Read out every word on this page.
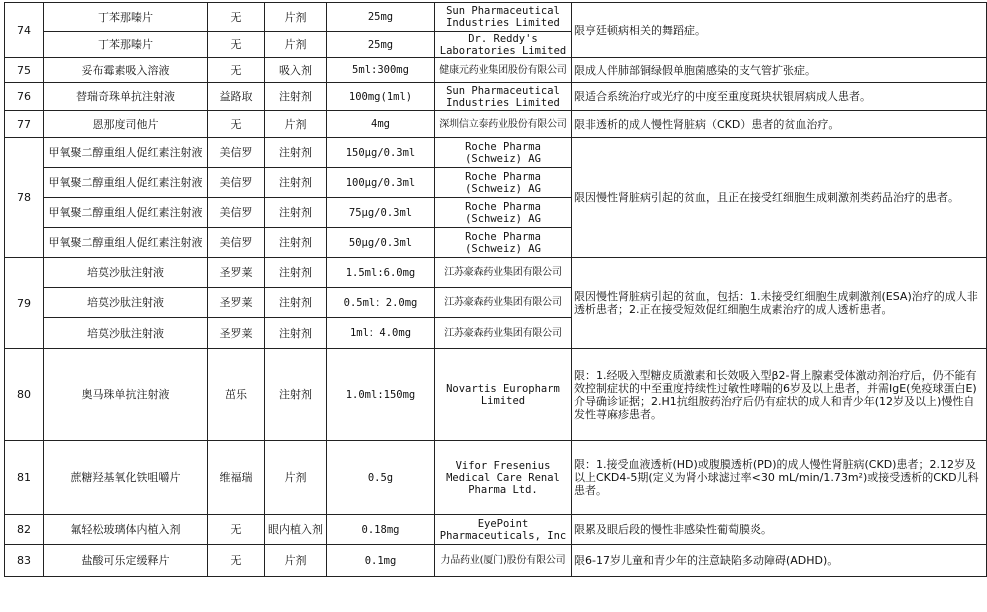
74	丁苯那嗪片	无	片剂	25mg	Sun Pharmaceutical Industries Limited	限亨廷顿病相关的舞蹈症。
	丁苯那嗪片	无	片剂	25mg	Dr. Reddy's Laboratories Limited	
75	妥布霉素吸入溶液	无	吸入剂	5ml:300mg	健康元药业集团股份有限公司	限成人伴肺部铜绿假单胞菌感染的支气管扩张症。
76	替瑞奇珠单抗注射液	益路取	注射剂	100mg(1ml)	Sun Pharmaceutical Industries Limited	限适合系统治疗或光疗的中度至重度斑块状银屑病成人患者。
77	恩那度司他片	无	片剂	4mg	深圳信立泰药业股份有限公司	限非透析的成人慢性肾脏病（CKD）患者的贫血治疗。
78	甲氧聚二醇重组人促红素注射液	美信罗	注射剂	150μg/0.3ml	Roche Pharma (Schweiz) AG	限因慢性肾脏病引起的贫血，且正在接受红细胞生成刺激剂类药品治疗的患者。
	甲氧聚二醇重组人促红素注射液	美信罗	注射剂	100μg/0.3ml	Roche Pharma (Schweiz) AG	
	甲氧聚二醇重组人促红素注射液	美信罗	注射剂	75μg/0.3ml	Roche Pharma (Schweiz) AG	
	甲氧聚二醇重组人促红素注射液	美信罗	注射剂	50μg/0.3ml	Roche Pharma (Schweiz) AG	
79	培莫沙肽注射液	圣罗莱	注射剂	1.5ml:6.0mg	江苏豪森药业集团有限公司	限因慢性肾脏病引起的贫血，包括：1.未接受红细胞生成刺激剂(ESA)治疗的成人非透析患者；2.正在接受短效促红细胞生成素治疗的成人透析患者。
	培莫沙肽注射液	圣罗莱	注射剂	0.5ml：2.0mg	江苏豪森药业集团有限公司	
	培莫沙肽注射液	圣罗莱	注射剂	1ml：4.0mg	江苏豪森药业集团有限公司	
80	奥马珠单抗注射液	茁乐	注射剂	1.0ml:150mg	Novartis Europharm Limited	限：1.经吸入型糖皮质激素和长效吸入型β2-肾上腺素受体激动剂治疗后，仍不能有效控制症状的中至重度持续性过敏性哮喘的6岁及以上患者，并需IgE(免疫球蛋白E)介导确诊证据；2.H1抗组胺药治疗后仍有症状的成人和青少年(12岁及以上)慢性自发性荨麻疹患者。
81	蔗糖羟基氧化铁咀嚼片	维福瑞	片剂	0.5g	Vifor Fresenius Medical Care Renal Pharma Ltd.	限：1.接受血液透析(HD)或腹膜透析(PD)的成人慢性肾脏病(CKD)患者；2.12岁及以上CKD4-5期(定义为肾小球滤过率<30 mL/min/1.73m²)或接受透析的CKD儿科患者。
82	氟轻松玻璃体内植入剂	无	眼内植入剂	0.18mg	EyePoint Pharmaceuticals, Inc	限累及眼后段的慢性非感染性葡萄膜炎。
83	盐酸可乐定缓释片	无	片剂	0.1mg	力品药业(厦门)股份有限公司	限6-17岁儿童和青少年的注意缺陷多动障碍(ADHD)。
